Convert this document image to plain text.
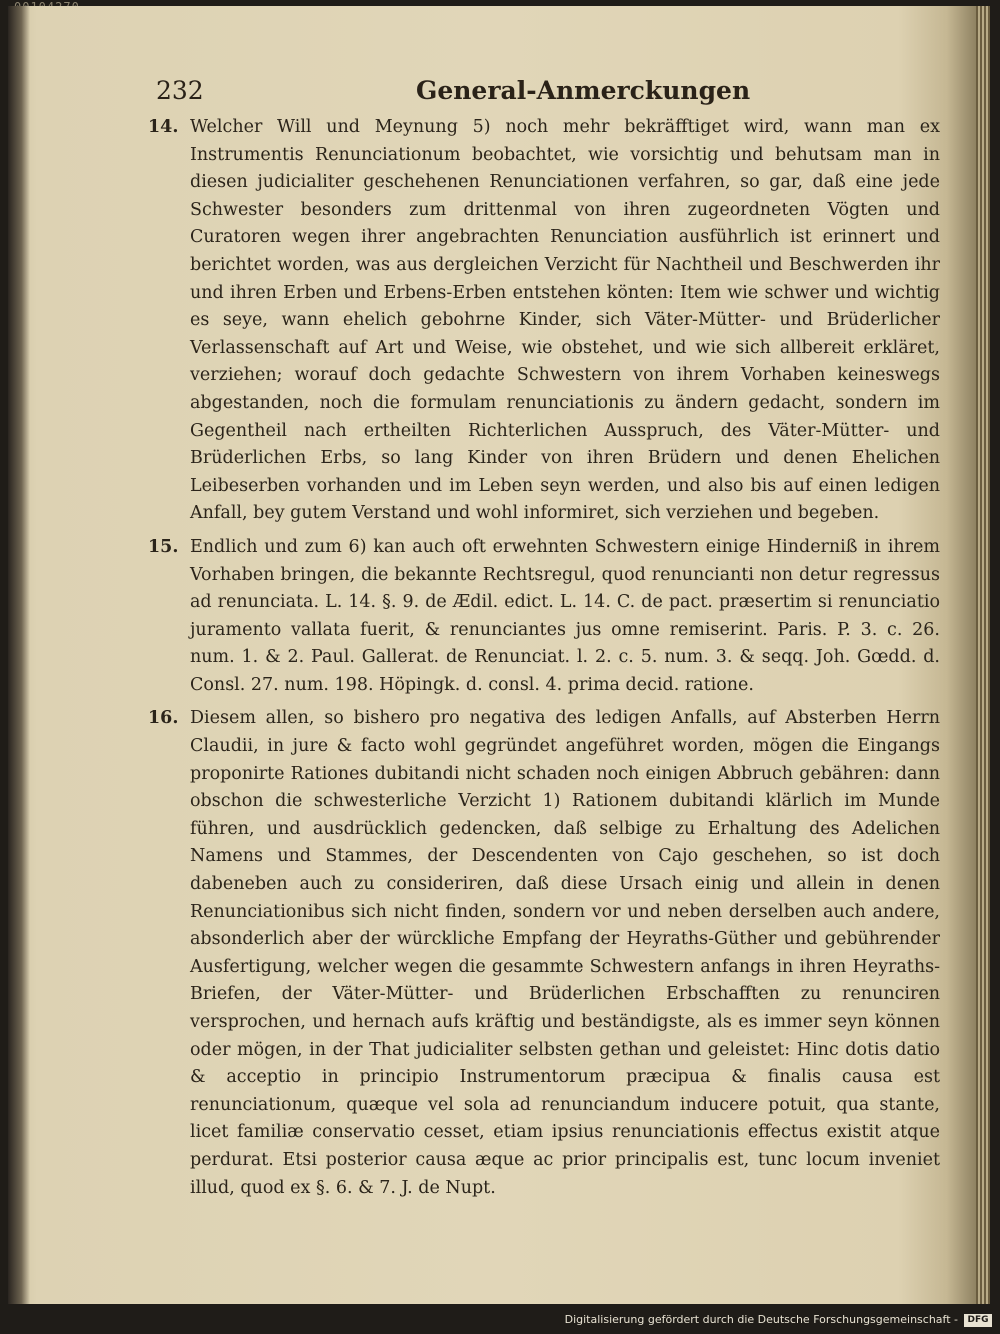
232	General-Anmerckungen

14. Welcher Will und Meynung 5) noch mehr bekräfftiget wird, wann man ex Instrumentis Renunciationum beobachtet, wie vorsichtig und behutsam man in diesen judicialiter geschehenen Renunciationen verfahren, so gar, daß eine jede Schwester besonders zum drittenmal von ihren zugeordneten Vögten und Curatoren wegen ihrer angebrachten Renunciation ausführlich ist erinnert und berichtet worden, was aus dergleichen Verzicht für Nachtheil und Beschwerden ihr und ihren Erben und Erbens-Erben entstehen könten: Item wie schwer und wichtig es seye, wann ehelich gebohrne Kinder, sich Väter-Mütter- und Brüderlicher Verlassenschaft auf Art und Weise, wie obstehet, und wie sich allbereit erkläret, verziehen; worauf doch gedachte Schwestern von ihrem Vorhaben keineswegs abgestanden, noch die formulam renunciationis zu ändern gedacht, sondern im Gegentheil nach ertheilten Richterlichen Ausspruch, des Väter-Mütter- und Brüderlichen Erbs, so lang Kinder von ihren Brüdern und denen Ehelichen Leibeserben vorhanden und im Leben seyn werden, und also bis auf einen ledigen Anfall, bey gutem Verstand und wohl informiret, sich verziehen und begeben.

15. Endlich und zum 6) kan auch oft erwehnten Schwestern einige Hinderniß in ihrem Vorhaben bringen, die bekannte Rechtsregul, quod renuncianti non detur regressus ad renunciata. L. 14. §. 9. de Ædil. edict. L. 14. C. de pact. præsertim si renunciatio juramento vallata fuerit, & renunciantes jus omne remiserint. Paris. P. 3. c. 26. num. 1. & 2. Paul. Gallerat. de Renunciat. l. 2. c. 5. num. 3. & seqq. Joh. Gœdd. d. Consl. 27. num. 198. Höpingk. d. consl. 4. prima decid. ratione.

16. Diesem allen, so bishero pro negativa des ledigen Anfalls, auf Absterben Herrn Claudii, in jure & facto wohl gegründet angeführet worden, mögen die Eingangs proponirte Rationes dubitandi nicht schaden noch einigen Abbruch gebähren: dann obschon die schwesterliche Verzicht 1) Rationem dubitandi klärlich im Munde führen, und ausdrücklich gedencken, daß selbige zu Erhaltung des Adelichen Namens und Stammes, der Descendenten von Cajo geschehen, so ist doch dabeneben auch zu consideriren, daß diese Ursach einig und allein in denen Renunciationibus sich nicht finden, sondern vor und neben derselben auch andere, absonderlich aber der würckliche Empfang der Heyraths-Güther und gebührender Ausfertigung, welcher wegen die gesammte Schwestern anfangs in ihren Heyraths-Briefen, der Väter-Mütter- und Brüderlichen Erbschafften zu renunciren versprochen, und hernach aufs kräftig und beständigste, als es immer seyn können oder mögen, in der That judicialiter selbsten gethan und geleistet: Hinc dotis datio & acceptio in principio Instrumentorum præcipua & finalis causa est renunciationum, quæque vel sola ad renunciandum inducere potuit, qua stante, licet familiæ conservatio cesset, etiam ipsius renunciationis effectus existit atque perdurat. Etsi posterior causa æque ac prior principalis est, tunc locum inveniet illud, quod ex §. 6. & 7. J. de Nupt.

Digitalisierung gefördert durch die Deutsche Forschungsgemeinschaft -	DFG
